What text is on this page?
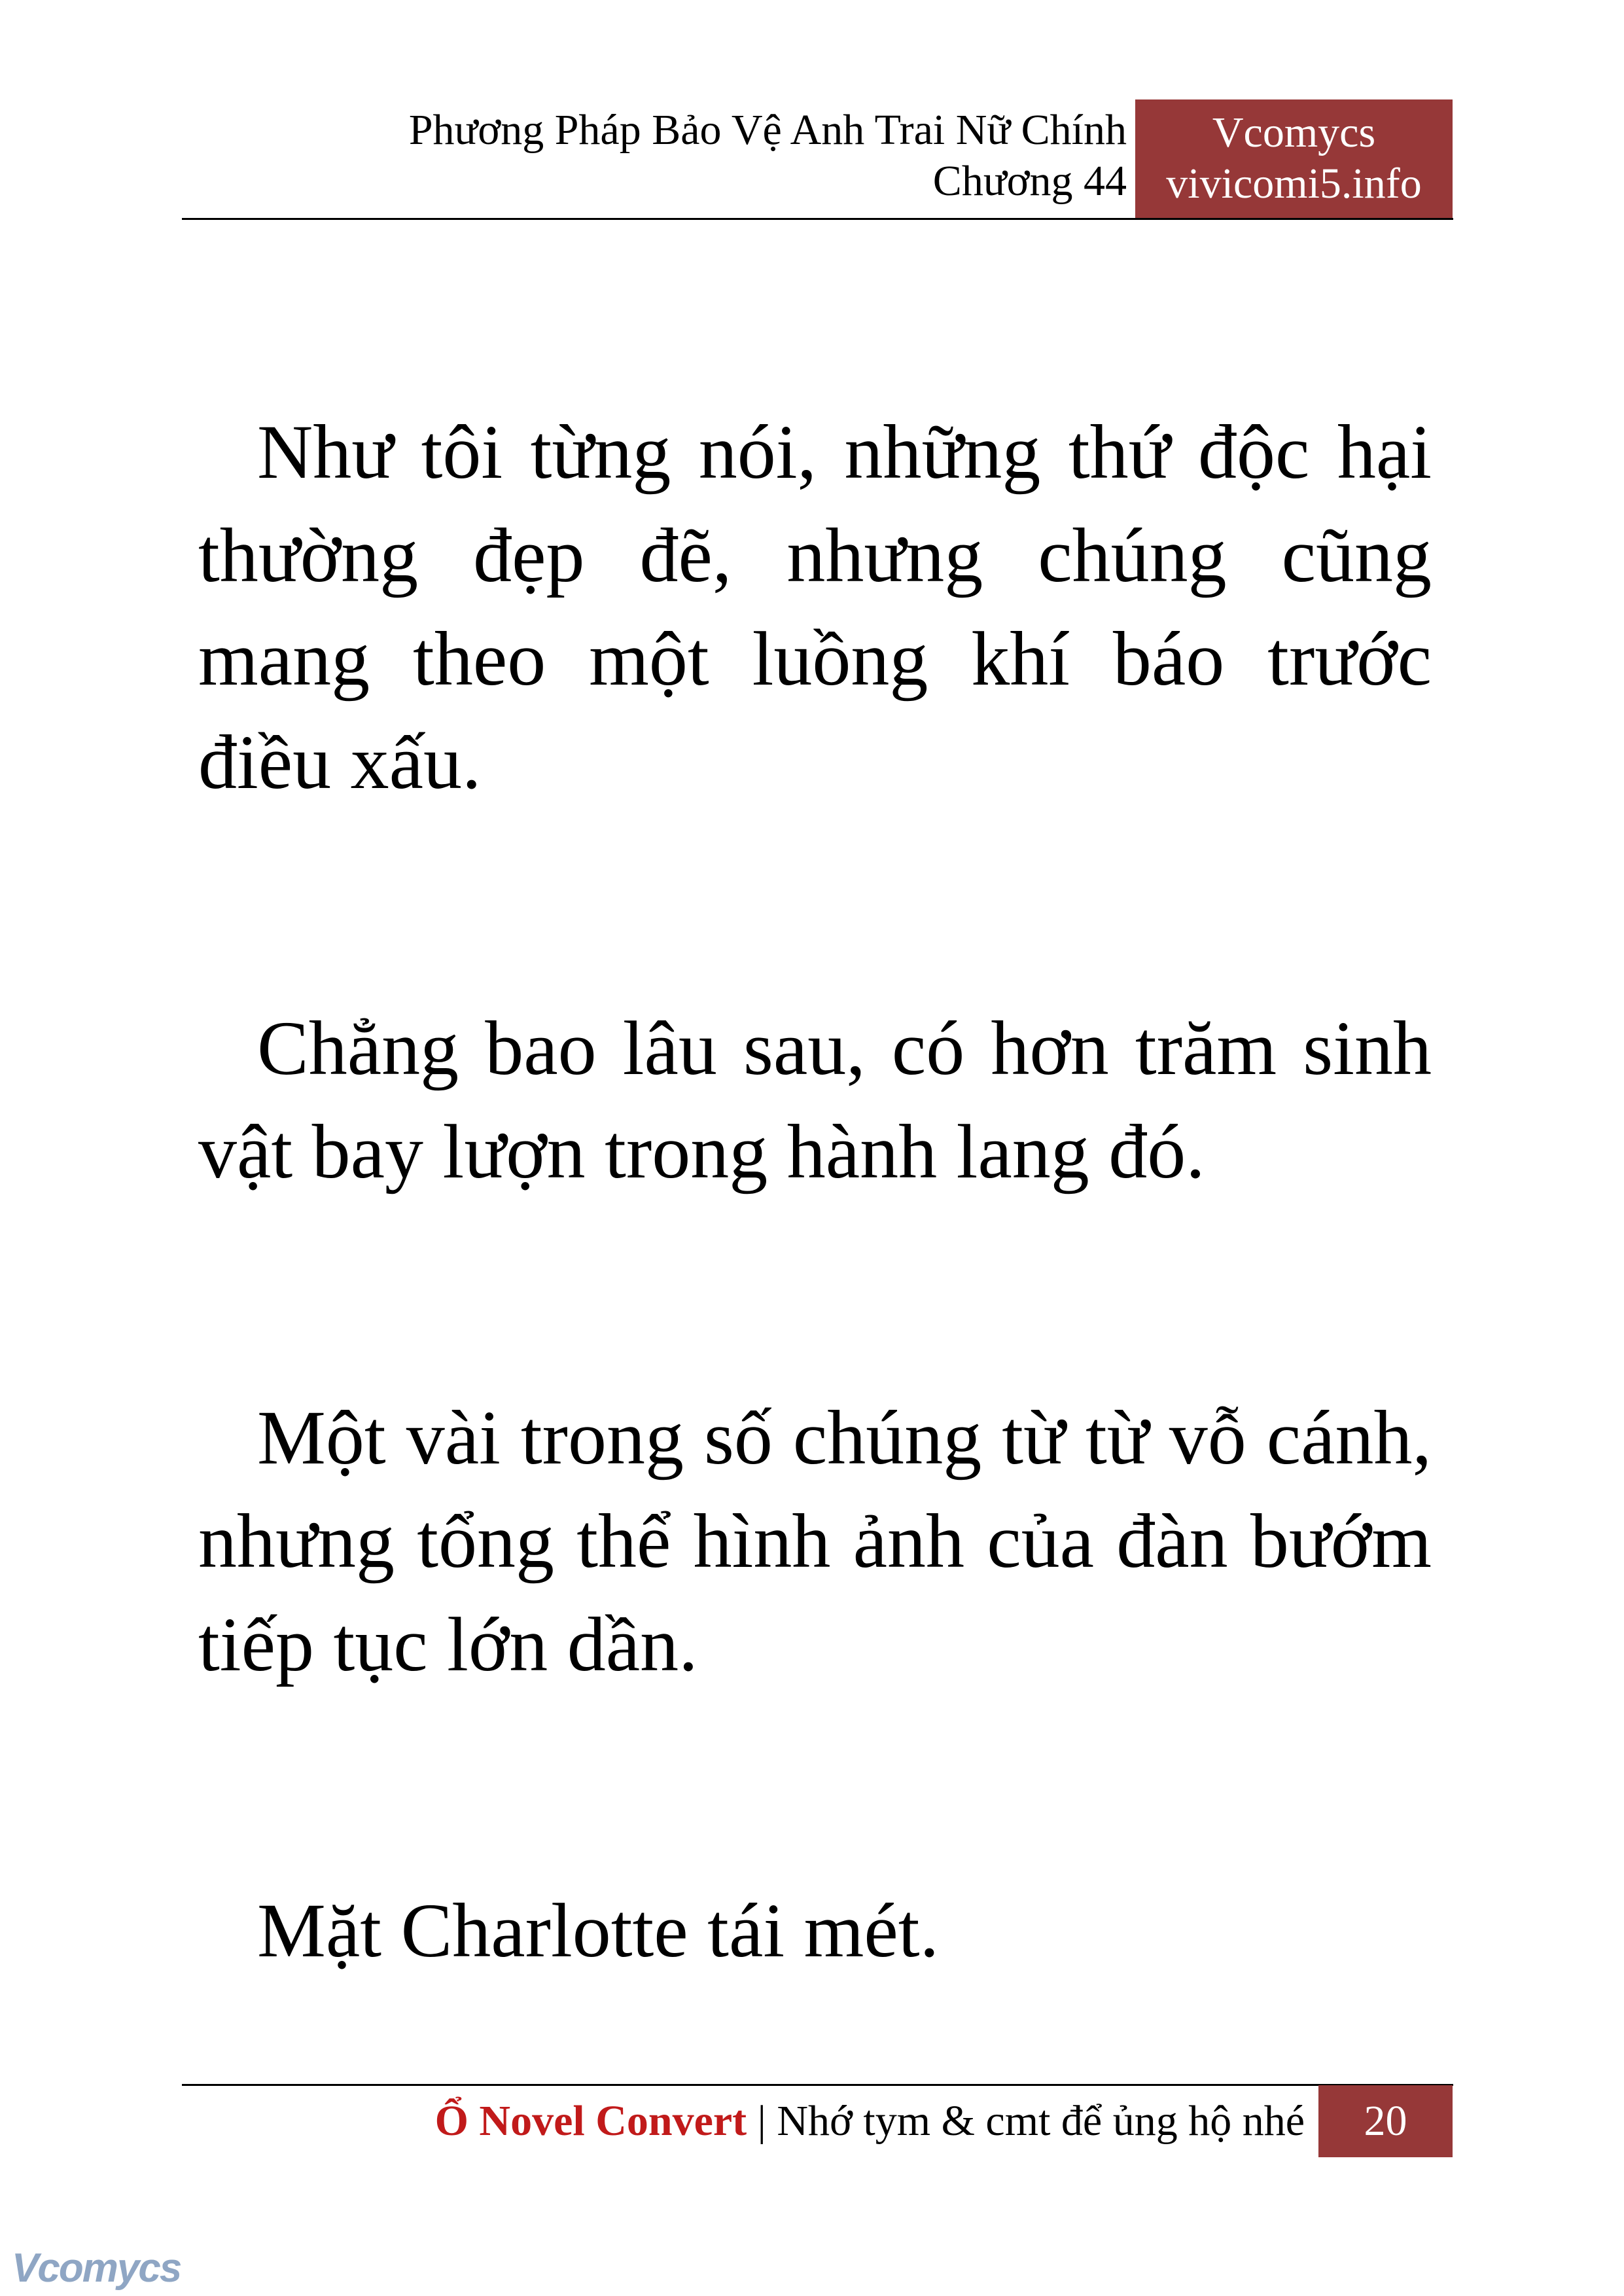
Phương Pháp Bảo Vệ Anh Trai Nữ Chính
Chương 44
Vcomycs
vivicomi5.info

Như tôi từng nói, những thứ độc hại thường đẹp đẽ, nhưng chúng cũng mang theo một luồng khí báo trước điều xấu.

Chẳng bao lâu sau, có hơn trăm sinh vật bay lượn trong hành lang đó.

Một vài trong số chúng từ từ vỗ cánh, nhưng tổng thể hình ảnh của đàn bướm tiếp tục lớn dần.

Mặt Charlotte tái mét.

Ổ Novel Convert | Nhớ tym & cmt để ủng hộ nhé	20
Vcomycs
